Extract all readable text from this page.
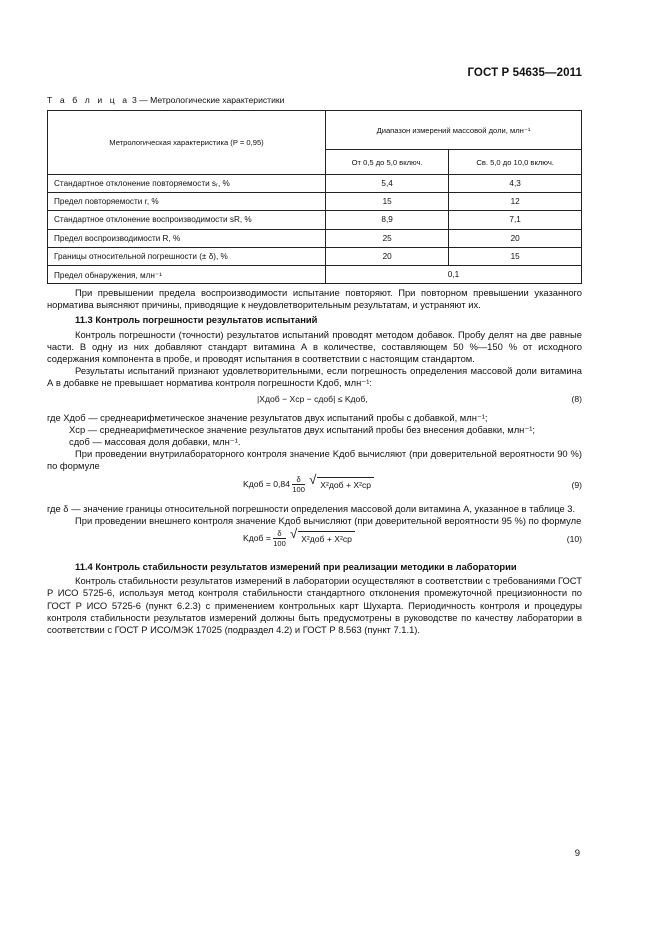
ГОСТ Р 54635—2011
Т а б л и ц а 3 — Метрологические характеристики
Метрологическая характеристика (P = 0,95)	Диапазон измерений массовой доли, млн⁻¹	
	От 0,5 до 5,0 включ.	Св. 5,0 до 10,0 включ.
Стандартное отклонение повторяемости sᵣ, %	5,4	4,3
Предел повторяемости r, %	15	12
Стандартное отклонение воспроизводимости sR, %	8,9	7,1
Предел воспроизводимости R, %	25	20
Границы относительной погрешности (± δ), %	20	15
Предел обнаружения, млн⁻¹	0,1	

При превышении предела воспроизводимости испытание повторяют. При повторном превышении указанного норматива выясняют причины, приводящие к неудовлетворительным результатам, и устраняют их.

11.3 Контроль погрешности результатов испытаний

Контроль погрешности (точности) результатов испытаний проводят методом добавок. Пробу делят на две равные части. В одну из них добавляют стандарт витамина А в количестве, составляющем 50 %—150 % от исходного содержания компонента в пробе, и проводят испытания в соответствии с настоящим стандартом.

Результаты испытаний признают удовлетворительными, если погрешность определения массовой доли витамина А в добавке не превышает норматива контроля погрешности Kдоб, млн⁻¹:

|Xдоб − Xср − cдоб| ≤ Kдоб,	(8)

где Xдоб — среднеарифметическое значение результатов двух испытаний пробы с добавкой, млн⁻¹;

Xср — среднеарифметическое значение результатов двух испытаний пробы без внесения добавки, млн⁻¹;

cдоб — массовая доля добавки, млн⁻¹.

При проведении внутрилабораторного контроля значение Kдоб вычисляют (при доверительной вероятности 90 %) по формуле

Kдоб = $0,84 \frac{\delta}{100}$ √ X²доб + X²ср	(9)

где δ — значение границы относительной погрешности определения массовой доли витамина А, указанное в таблице 3.

При проведении внешнего контроля значение Kдоб вычисляют (при доверительной вероятности 95 %) по формуле

Kдоб = $\frac{\delta}{100}$ √ X²доб + X²ср	(10)

11.4 Контроль стабильности результатов измерений при реализации методики в лаборатории

Контроль стабильности результатов измерений в лаборатории осуществляют в соответствии с требованиями ГОСТ Р ИСО 5725-6, используя метод контроля стабильности стандартного отклонения промежуточной прецизионности по ГОСТ Р ИСО 5725-6 (пункт 6.2.3) с применением контрольных карт Шухарта. Периодичность контроля и процедуры контроля стабильности результатов измерений должны быть предусмотрены в руководстве по качеству лаборатории в соответствии с ГОСТ Р ИСО/МЭК 17025 (подраздел 4.2) и ГОСТ Р 8.563 (пункт 7.1.1).

9
